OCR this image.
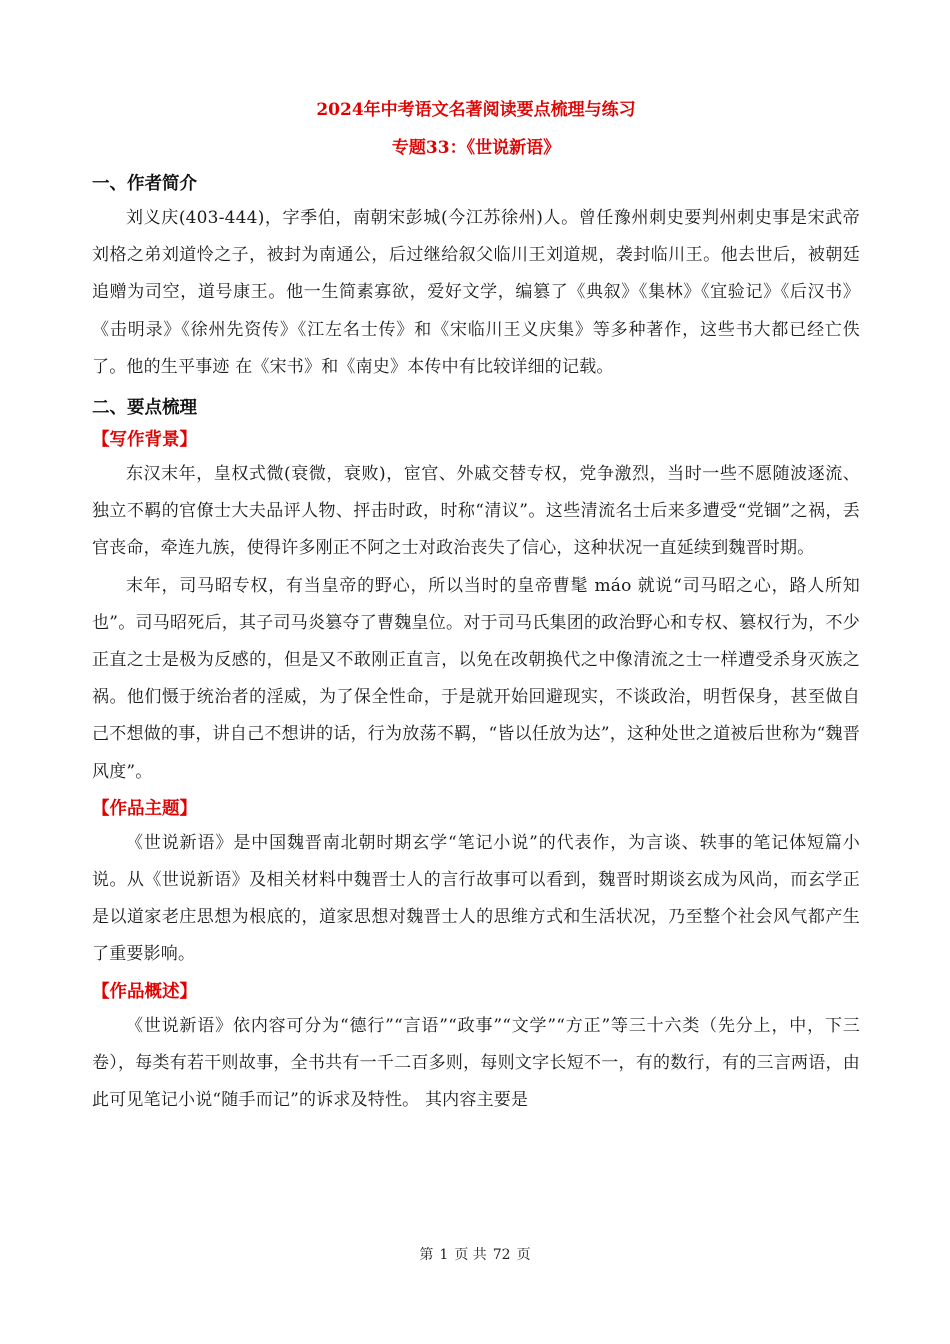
2024年中考语文名著阅读要点梳理与练习

专题33：《世说新语》

一、作者简介

刘义庆(403-444)，字季伯，南朝宋彭城(今江苏徐州)人。曾任豫州刺史要判州刺史事是宋武帝 刘格之弟刘道怜之子，被封为南通公，后过继给叙父临川王刘道规，袭封临川王。他去世后，被朝廷追赠为司空，道号康王。他一生简素寡欲，爱好文学，编篡了《典叙》《集林》《宜验记》《后汉书》《击明录》《徐州先资传》《江左名士传》和《宋临川王义庆集》等多种著作，这些书大都已经亡佚了。他的生平事迹 在《宋书》和《南史》本传中有比较详细的记载。

二、要点梳理
【写作背景】

东汉末年，皇权式微(衰微，衰败)，宦官、外戚交替专权，党争激烈，当时一些不愿随波逐流、独立不羁的官僚士大夫品评人物、抨击时政，时称“清议”。这些清流名士后来多遭受“党锢”之祸，丢官丧命，牵连九族，使得许多刚正不阿之士对政治丧失了信心，这种状况一直延续到魏晋时期。

末年，司马昭专权，有当皇帝的野心，所以当时的皇帝曹髦 máo 就说“司马昭之心，路人所知也”。司马昭死后，其子司马炎篡夺了曹魏皇位。对于司马氏集团的政治野心和专权、篡权行为，不少正直之士是极为反感的，但是又不敢刚正直言，以免在改朝换代之中像清流之士一样遭受杀身灭族之祸。他们慑于统治者的淫威，为了保全性命，于是就开始回避现实，不谈政治，明哲保身，甚至做自己不想做的事，讲自己不想讲的话，行为放荡不羁，“皆以任放为达”，这种处世之道被后世称为“魏晋风度”。

【作品主题】

《世说新语》是中国魏晋南北朝时期玄学“笔记小说”的代表作，为言谈、轶事的笔记体短篇小说。从《世说新语》及相关材料中魏晋士人的言行故事可以看到，魏晋时期谈玄成为风尚，而玄学正是以道家老庄思想为根底的，道家思想对魏晋士人的思维方式和生活状况，乃至整个社会风气都产生了重要影响。

【作品概述】

《世说新语》依内容可分为“德行”“言语”“政事”“文学”“方正”等三十六类（先分上，中，下三卷），每类有若干则故事，全书共有一千二百多则，每则文字长短不一，有的数行，有的三言两语，由此可见笔记小说“随手而记”的诉求及特性。 其内容主要是

第 1 页 共 72 页
